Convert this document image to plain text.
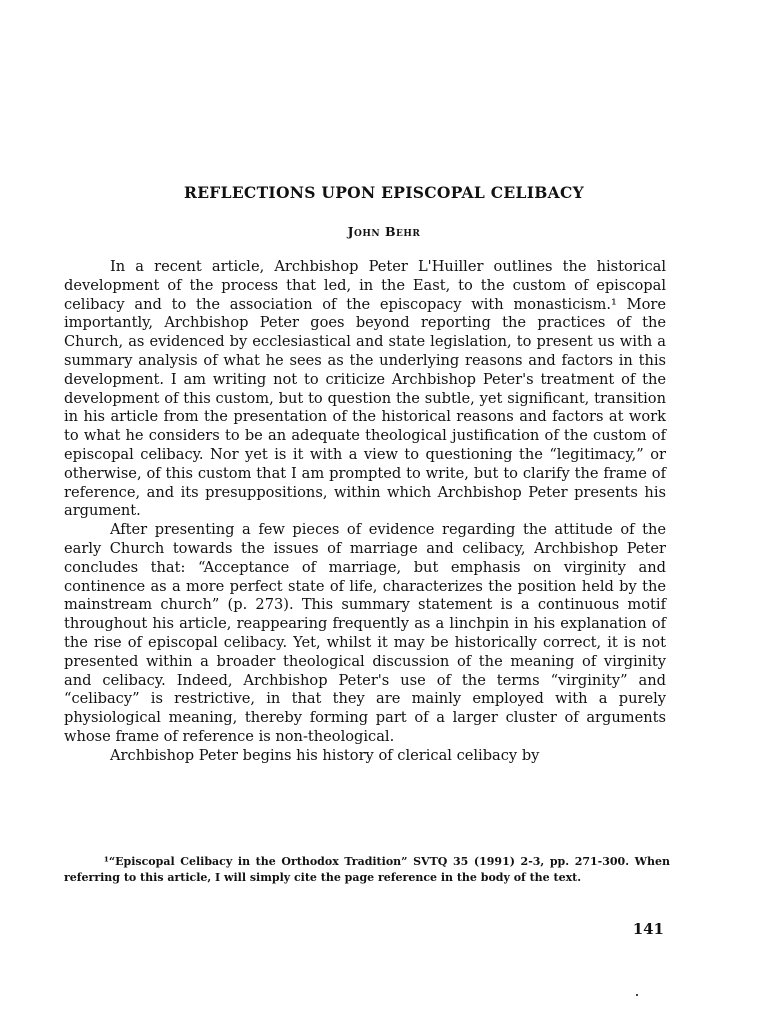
REFLECTIONS UPON EPISCOPAL CELIBACY
John Behr

In a recent article, Archbishop Peter L'Huiller outlines the historical development of the process that led, in the East, to the custom of episcopal celibacy and to the association of the episcopacy with monasticism.¹ More importantly, Archbishop Peter goes beyond reporting the practices of the Church, as evidenced by ecclesiastical and state legislation, to present us with a summary analysis of what he sees as the underlying reasons and factors in this development. I am writing not to criticize Archbishop Peter's treatment of the development of this custom, but to question the subtle, yet significant, transition in his article from the presentation of the historical reasons and factors at work to what he considers to be an adequate theological justification of the custom of episcopal celibacy. Nor yet is it with a view to questioning the “legitimacy,” or otherwise, of this custom that I am prompted to write, but to clarify the frame of reference, and its presuppositions, within which Archbishop Peter presents his argument.

After presenting a few pieces of evidence regarding the attitude of the early Church towards the issues of marriage and celibacy, Archbishop Peter concludes that: “Acceptance of marriage, but emphasis on virginity and continence as a more perfect state of life, characterizes the position held by the mainstream church” (p. 273). This summary statement is a continuous motif throughout his article, reappearing frequently as a linchpin in his explanation of the rise of episcopal celibacy. Yet, whilst it may be historically correct, it is not presented within a broader theological discussion of the meaning of virginity and celibacy. Indeed, Archbishop Peter's use of the terms “virginity” and “celibacy” is restrictive, in that they are mainly employed with a purely physiological meaning, thereby forming part of a larger cluster of arguments whose frame of reference is non-theological.

Archbishop Peter begins his history of clerical celibacy by

¹“Episcopal Celibacy in the Orthodox Tradition” SVTQ 35 (1991) 2-3, pp. 271-300. When referring to this article, I will simply cite the page reference in the body of the text.

141
